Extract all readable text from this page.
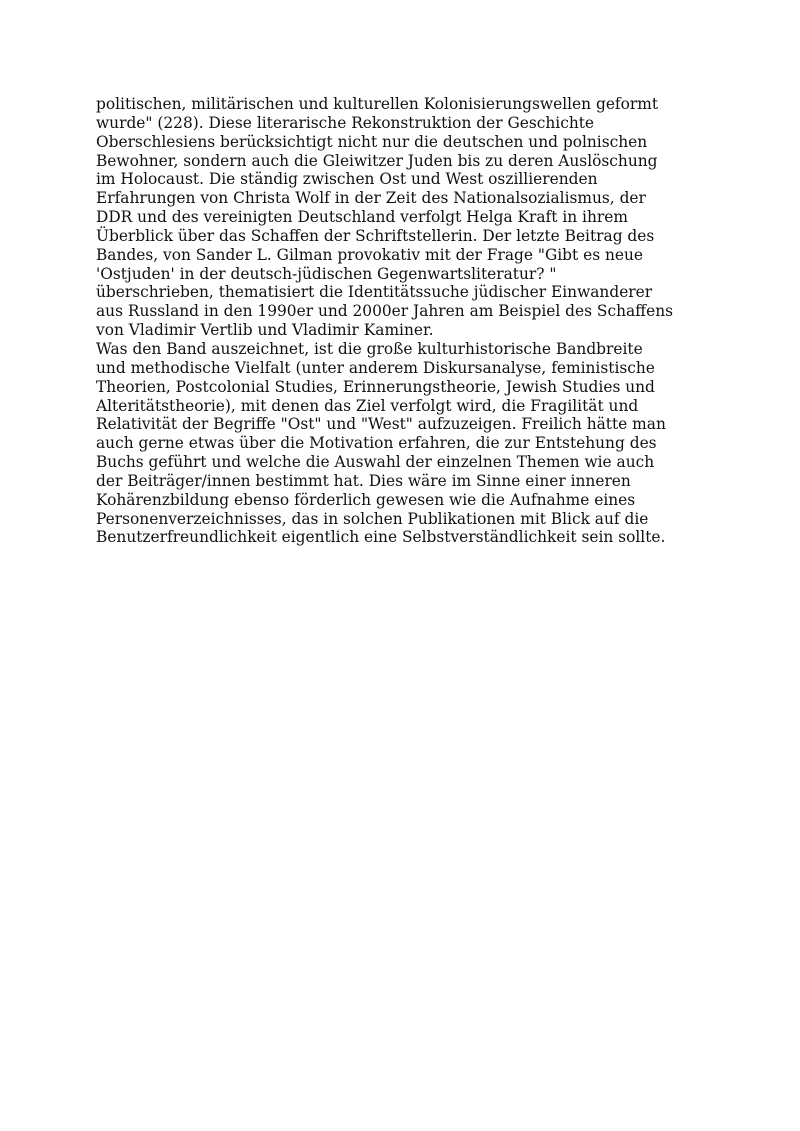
politischen, militärischen und kulturellen Kolonisierungswellen geformt
wurde" (228). Diese literarische Rekonstruktion der Geschichte
Oberschlesiens berücksichtigt nicht nur die deutschen und polnischen
Bewohner, sondern auch die Gleiwitzer Juden bis zu deren Auslöschung
im Holocaust. Die ständig zwischen Ost und West oszillierenden
Erfahrungen von Christa Wolf in der Zeit des Nationalsozialismus, der
DDR und des vereinigten Deutschland verfolgt Helga Kraft in ihrem
Überblick über das Schaffen der Schriftstellerin. Der letzte Beitrag des
Bandes, von Sander L. Gilman provokativ mit der Frage "Gibt es neue
'Ostjuden' in der deutsch-jüdischen Gegenwartsliteratur? "
überschrieben, thematisiert die Identitätssuche jüdischer Einwanderer
aus Russland in den 1990er und 2000er Jahren am Beispiel des Schaffens
von Vladimir Vertlib und Vladimir Kaminer.
Was den Band auszeichnet, ist die große kulturhistorische Bandbreite
und methodische Vielfalt (unter anderem Diskursanalyse, feministische
Theorien, Postcolonial Studies, Erinnerungstheorie, Jewish Studies und
Alteritätstheorie), mit denen das Ziel verfolgt wird, die Fragilität und
Relativität der Begriffe "Ost" und "West" aufzuzeigen. Freilich hätte man
auch gerne etwas über die Motivation erfahren, die zur Entstehung des
Buchs geführt und welche die Auswahl der einzelnen Themen wie auch
der Beiträger/innen bestimmt hat. Dies wäre im Sinne einer inneren
Kohärenzbildung ebenso förderlich gewesen wie die Aufnahme eines
Personenverzeichnisses, das in solchen Publikationen mit Blick auf die
Benutzerfreundlichkeit eigentlich eine Selbstverständlichkeit sein sollte.
